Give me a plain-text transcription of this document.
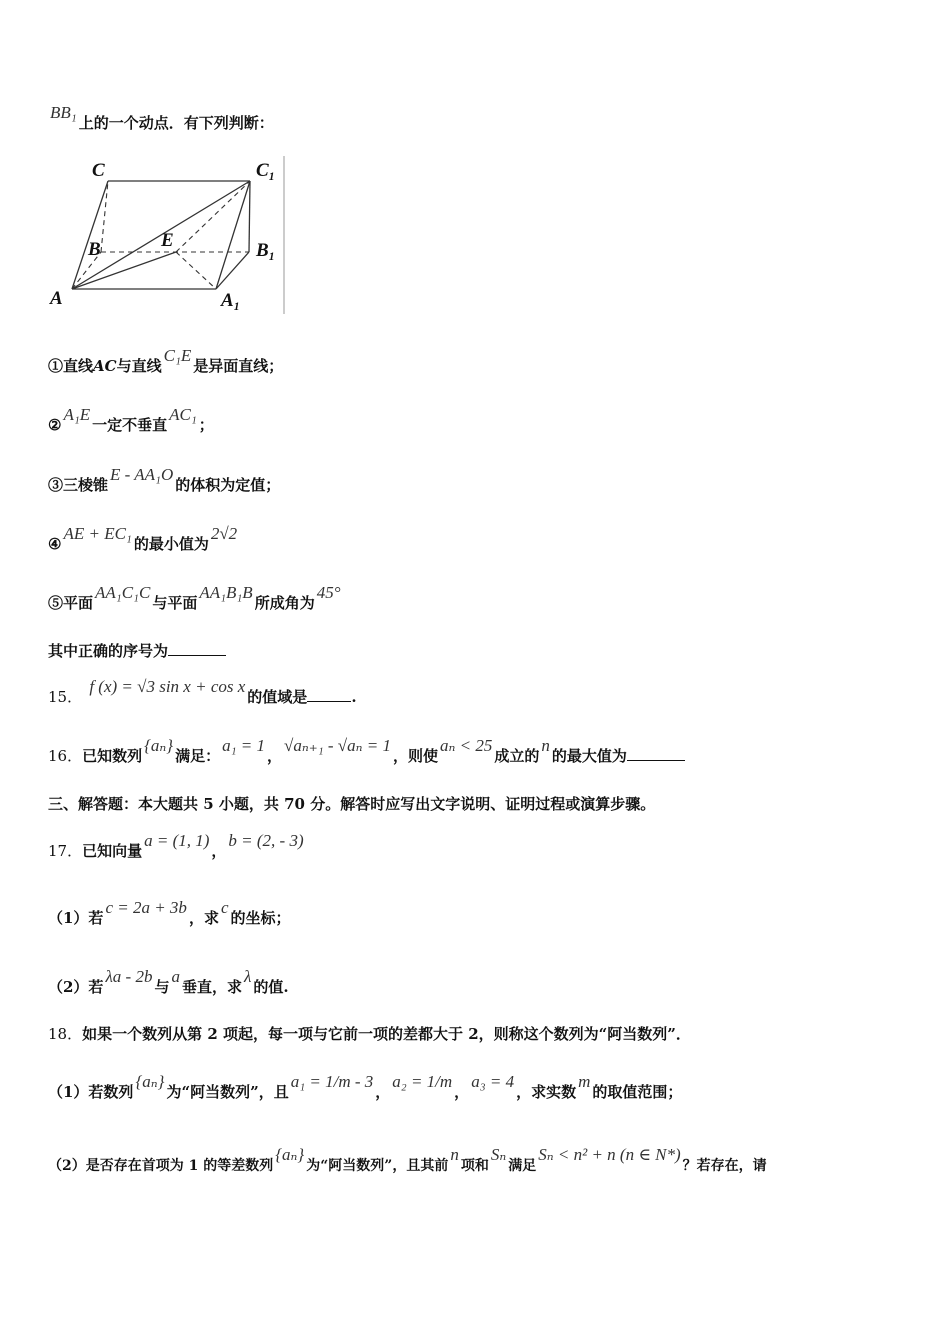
BB₁上的一个动点．有下列判断：
C	C₁
B	E	B₁
A	A₁
①直线AC与直线C₁E是异面直线；
②A₁E一定不垂直AC₁；
③三棱锥E - AA₁O的体积为定值；
④AE + EC₁的最小值为2√2
⑤平面AA₁C₁C与平面AA₁B₁B所成角为45°
其中正确的序号为
15． f (x) = √3 sin x + cos x的值域是	.
16．已知数列{aₙ}满足：a₁ = 1，√aₙ₊₁ - √aₙ = 1，则使aₙ < 25成立的n的最大值为
三、解答题：本大题共 5 小题，共 70 分。解答时应写出文字说明、证明过程或演算步骤。
17．已知向量a = (1, 1)，b = (2, - 3)
（1）若c = 2a + 3b，求c的坐标；
（2）若λa - 2b与a垂直，求λ的值.
18．如果一个数列从第 2 项起，每一项与它前一项的差都大于 2，则称这个数列为“阿当数列”．
（1）若数列{aₙ}为“阿当数列”，且a₁ = 1/m - 3，a₂ = 1/m，a₃ = 4，求实数m的取值范围；
（2）是否存在首项为 1 的等差数列{aₙ}为“阿当数列”，且其前n项和Sₙ满足Sₙ < n² + n (n ∈ N*)？若存在，请
